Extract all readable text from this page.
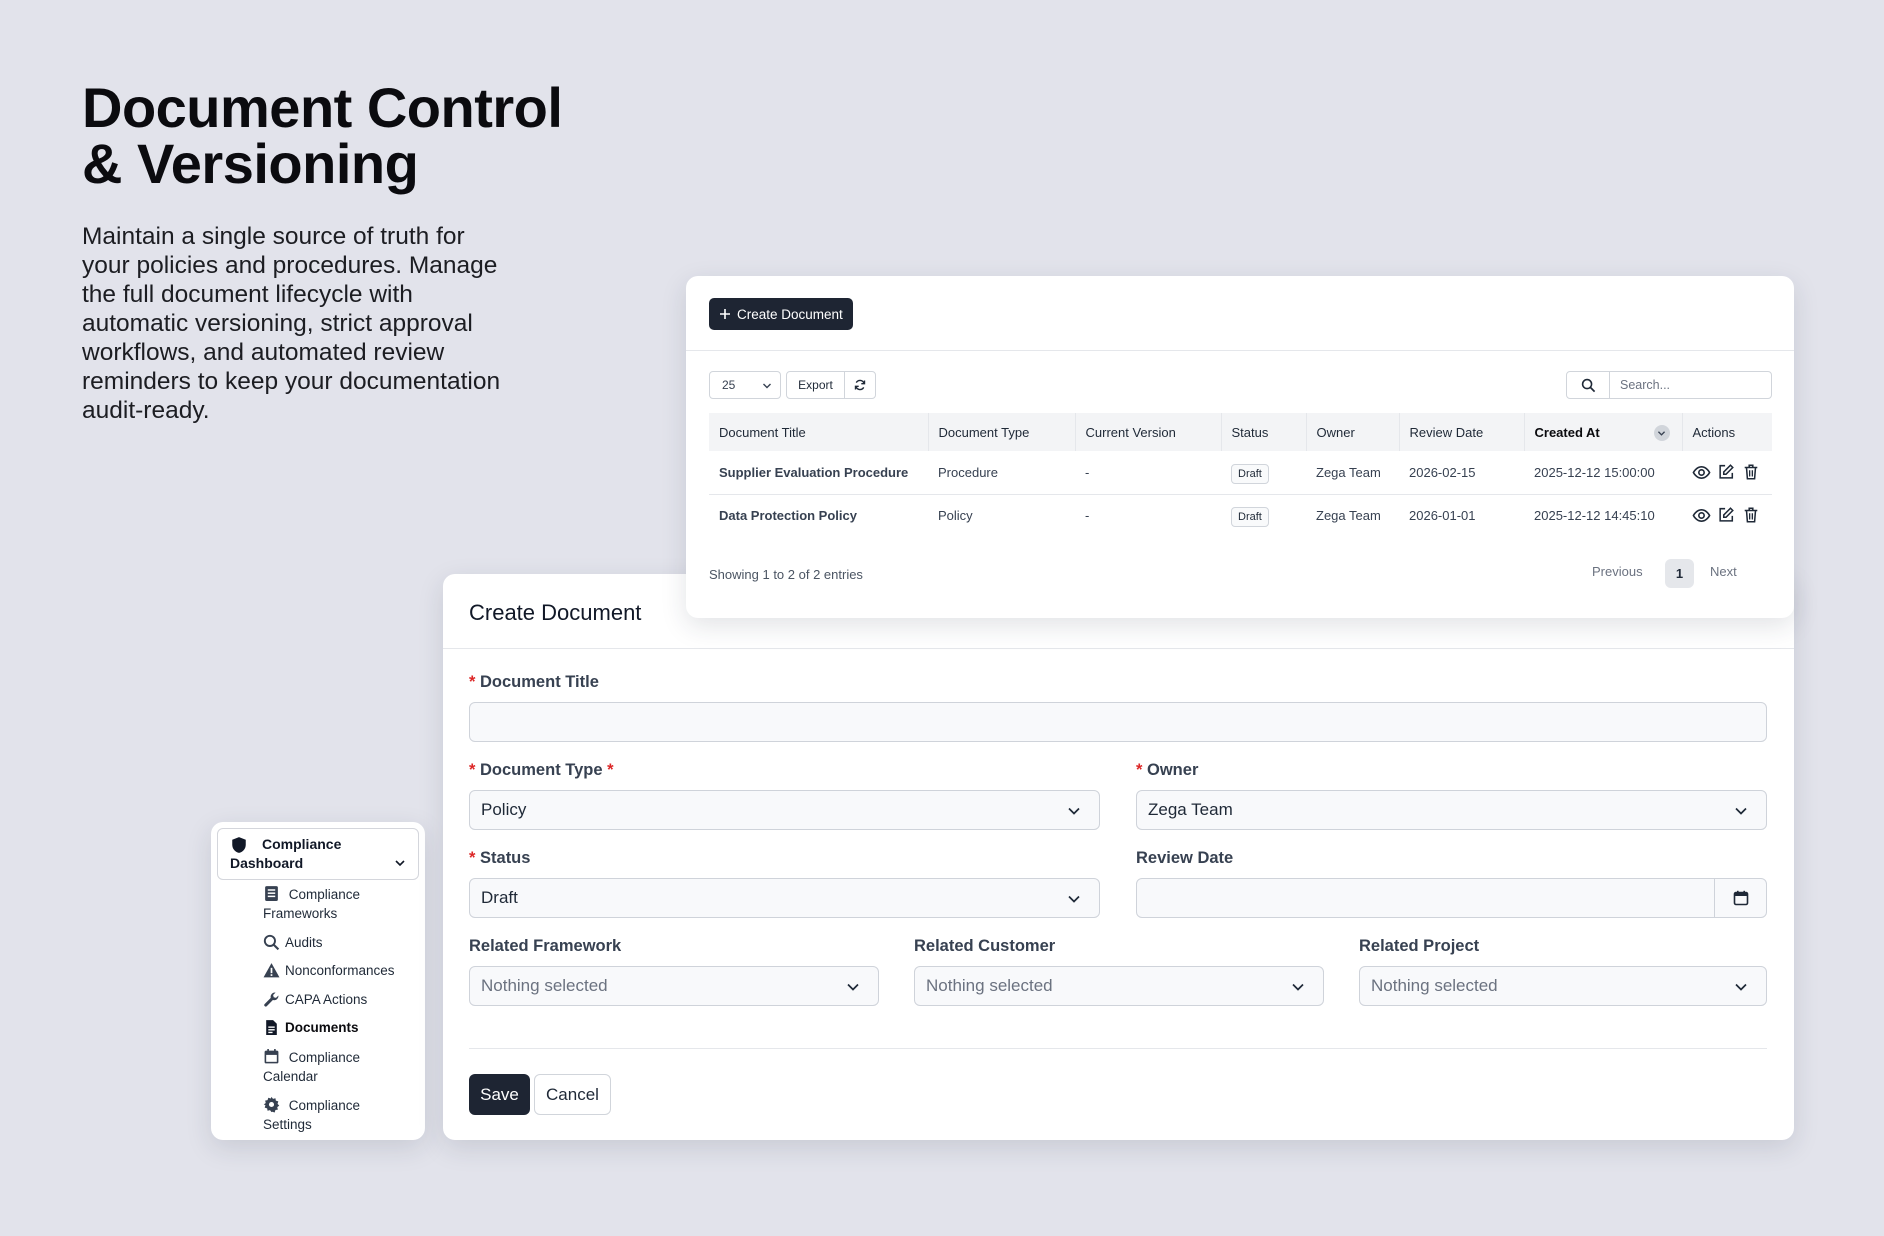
Document Control
& Versioning
Maintain a single source of truth for your policies and procedures. Manage the full document lifecycle with automatic versioning, strict approval workflows, and automated review reminders to keep your documentation audit-ready.
Compliance
Dashboard
Compliance

Frameworks
Audits
Nonconformances
CAPA Actions
Documents
Compliance
Calendar
Compliance
Settings
Create Document
* Document Title
* Document Type *
Policy
* Owner
Zega Team
* Status
Draft
Review Date
Related Framework
Nothing selected
Related Customer
Nothing selected
Related Project
Nothing selected
Save	Cancel
Create Document
25	Export
Search...
Document Title	Document Type	Current Version	Status	Owner	Review Date	Created At	Actions
Supplier Evaluation Procedure	Procedure	-	Draft	Zega Team	2026-02-15	2025-12-12 15:00:00	

Data Protection Policy	Policy	-	Draft	Zega Team	2026-01-01	2025-12-12 14:45:10	
Showing 1 to 2 of 2 entries	Previous	1	Next
